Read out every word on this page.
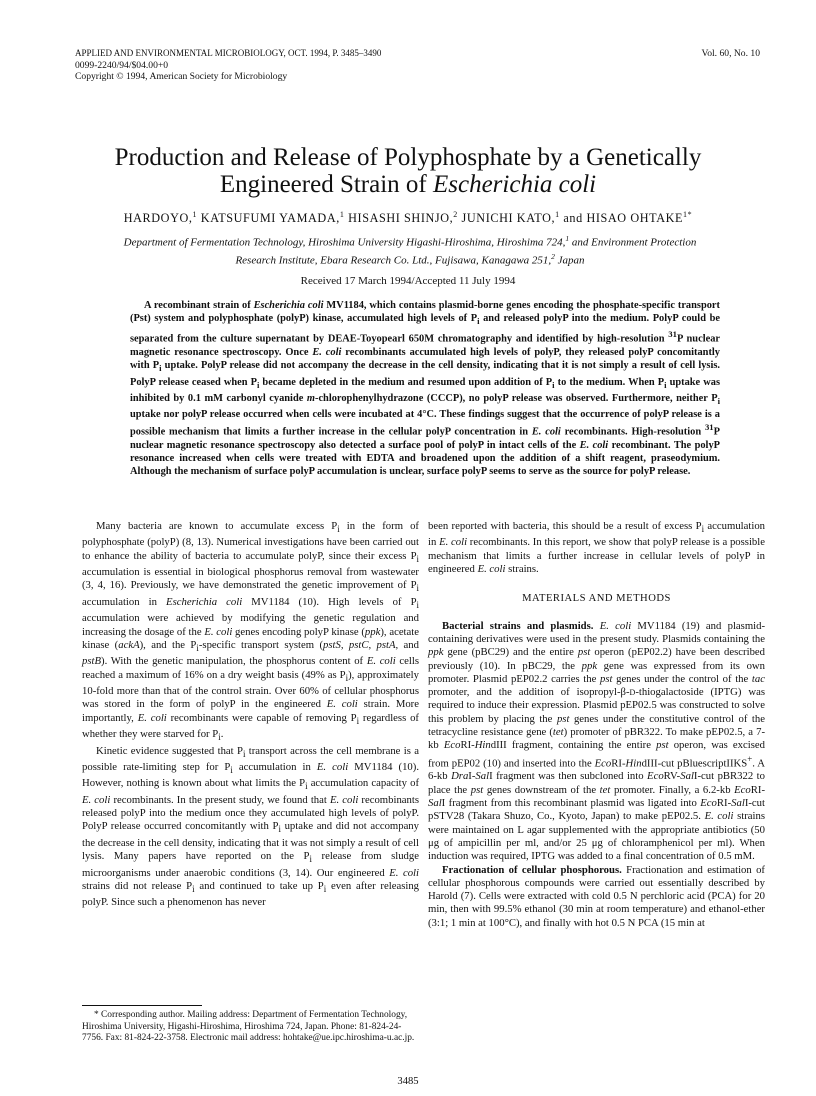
APPLIED AND ENVIRONMENTAL MICROBIOLOGY, OCT. 1994, P. 3485–3490
0099-2240/94/$04.00+0
Copyright © 1994, American Society for Microbiology
Vol. 60, No. 10
Production and Release of Polyphosphate by a Genetically
Engineered Strain of Escherichia coli
HARDOYO,$^1$ KATSUFUMI YAMADA,$^1$ HISASHI SHINJO,$^2$ JUNICHI KATO,$^1$ and HISAO $OHTAKE^{1*}$
Department of Fermentation Technology, Hiroshima University Higashi-Hiroshima, Hiroshima 724,$^1$ and Environment Protection Research Institute, Ebara Research Co. Ltd., Fujisawa, Kanagawa 251,$^2$ Japan
Received 17 March 1994/Accepted 11 July 1994

A recombinant strain of Escherichia coli MV1184, which contains plasmid-borne genes encoding the phosphate-specific transport (Pst) system and polyphosphate (polyP) kinase, accumulated high levels of $P_i$ and released polyP into the medium. PolyP could be separated from the culture supernatant by DEAE-Toyopearl 650M chromatography and identified by high-resolution $^{31}$P nuclear magnetic resonance spectroscopy. Once E. coli recombinants accumulated high levels of polyP, they released polyP concomitantly with $P_i$ uptake. PolyP release did not accompany the decrease in the cell density, indicating that it is not simply a result of cell lysis. PolyP release ceased when $P_i$ became depleted in the medium and resumed upon addition of $P_i$ to the medium. When $P_i$ uptake was inhibited by 0.1 mM carbonyl cyanide m-chlorophenylhydrazone (CCCP), no polyP release was observed. Furthermore, neither $P_i$ uptake nor polyP release occurred when cells were incubated at 4°C. These findings suggest that the occurrence of polyP release is a possible mechanism that limits a further increase in the cellular polyP concentration in E. coli recombinants. High-resolution $^{31}$P nuclear magnetic resonance spectroscopy also detected a surface pool of polyP in intact cells of the E. coli recombinant. The polyP resonance increased when cells were treated with EDTA and broadened upon the addition of a shift reagent, praseodymium. Although the mechanism of surface polyP accumulation is unclear, surface polyP seems to serve as the source for polyP release.

Many bacteria are known to accumulate excess $P_i$ in the form of polyphosphate (polyP) (8, 13). Numerical investigations have been carried out to enhance the ability of bacteria to accumulate polyP, since their excess $P_i$ accumulation is essential in biological phosphorus removal from wastewater (3, 4, 16). Previously, we have demonstrated the genetic improvement of $P_i$ accumulation in Escherichia coli MV1184 (10). High levels of $P_i$ accumulation were achieved by modifying the genetic regulation and increasing the dosage of the E. coli genes encoding polyP kinase (ppk), acetate kinase (ackA), and the $P_i$-specific transport system (pstS, pstC, pstA, and pstB). With the genetic manipulation, the phosphorus content of E. coli cells reached a maximum of 16% on a dry weight basis (49% as $P_i$), approximately 10-fold more than that of the control strain. Over 60% of cellular phosphorus was stored in the form of polyP in the engineered E. coli strain. More importantly, E. coli recombinants were capable of removing $P_i$ regardless of whether they were starved for $P_i$.

Kinetic evidence suggested that $P_i$ transport across the cell membrane is a possible rate-limiting step for $P_i$ accumulation in E. coli MV1184 (10). However, nothing is known about what limits the $P_i$ accumulation capacity of E. coli recombinants. In the present study, we found that E. coli recombinants released polyP into the medium once they accumulated high levels of polyP. PolyP release occurred concomitantly with $P_i$ uptake and did not accompany the decrease in the cell density, indicating that it was not simply a result of cell lysis. Many papers have reported on the $P_i$ release from sludge microorganisms under anaerobic conditions (3, 14). Our engineered E. coli strains did not release $P_i$ and continued to take up $P_i$ even after releasing polyP. Since such a phenomenon has never

been reported with bacteria, this should be a result of excess $P_i$ accumulation in E. coli recombinants. In this report, we show that polyP release is a possible mechanism that limits a further increase in cellular levels of polyP in engineered E. coli strains.

MATERIALS AND METHODS

Bacterial strains and plasmids. E. coli MV1184 (19) and plasmid-containing derivatives were used in the present study. Plasmids containing the ppk gene (pBC29) and the entire pst operon (pEP02.2) have been described previously (10). In pBC29, the ppk gene was expressed from its own promoter. Plasmid pEP02.2 carries the pst genes under the control of the tac promoter, and the addition of isopropyl-β-D-thiogalactoside (IPTG) was required to induce their expression. Plasmid pEP02.5 was constructed to solve this problem by placing the pst genes under the constitutive control of the tetracycline resistance gene (tet) promoter of pBR322. To make pEP02.5, a 7-kb EcoRI-HindIII fragment, containing the entire pst operon, was excised from pEP02 (10) and inserted into the EcoRI-HindIII-cut pBluescriptIIKS+. A 6-kb DraI-SalI fragment was then subcloned into EcoRV-SalI-cut pBR322 to place the pst genes downstream of the tet promoter. Finally, a 6.2-kb EcoRI-SalI fragment from this recombinant plasmid was ligated into EcoRI-SalI-cut pSTV28 (Takara Shuzo, Co., Kyoto, Japan) to make pEP02.5. E. coli strains were maintained on L agar supplemented with the appropriate antibiotics (50 μg of ampicillin per ml, and/or 25 μg of chloramphenicol per ml). When induction was required, IPTG was added to a final concentration of 0.5 mM.

Fractionation of cellular phosphorous. Fractionation and estimation of cellular phosphorous compounds were carried out essentially described by Harold (7). Cells were extracted with cold 0.5 N perchloric acid (PCA) for 20 min, then with 99.5% ethanol (30 min at room temperature) and ethanol-ether (3:1; 1 min at 100°C), and finally with hot 0.5 N PCA (15 min at

* Corresponding author. Mailing address: Department of Fermentation Technology, Hiroshima University, Higashi-Hiroshima, Hiroshima 724, Japan. Phone: 81-824-24-7756. Fax: 81-824-22-3758. Electronic mail address: hohtake@ue.ipc.hiroshima-u.ac.jp.

3485
